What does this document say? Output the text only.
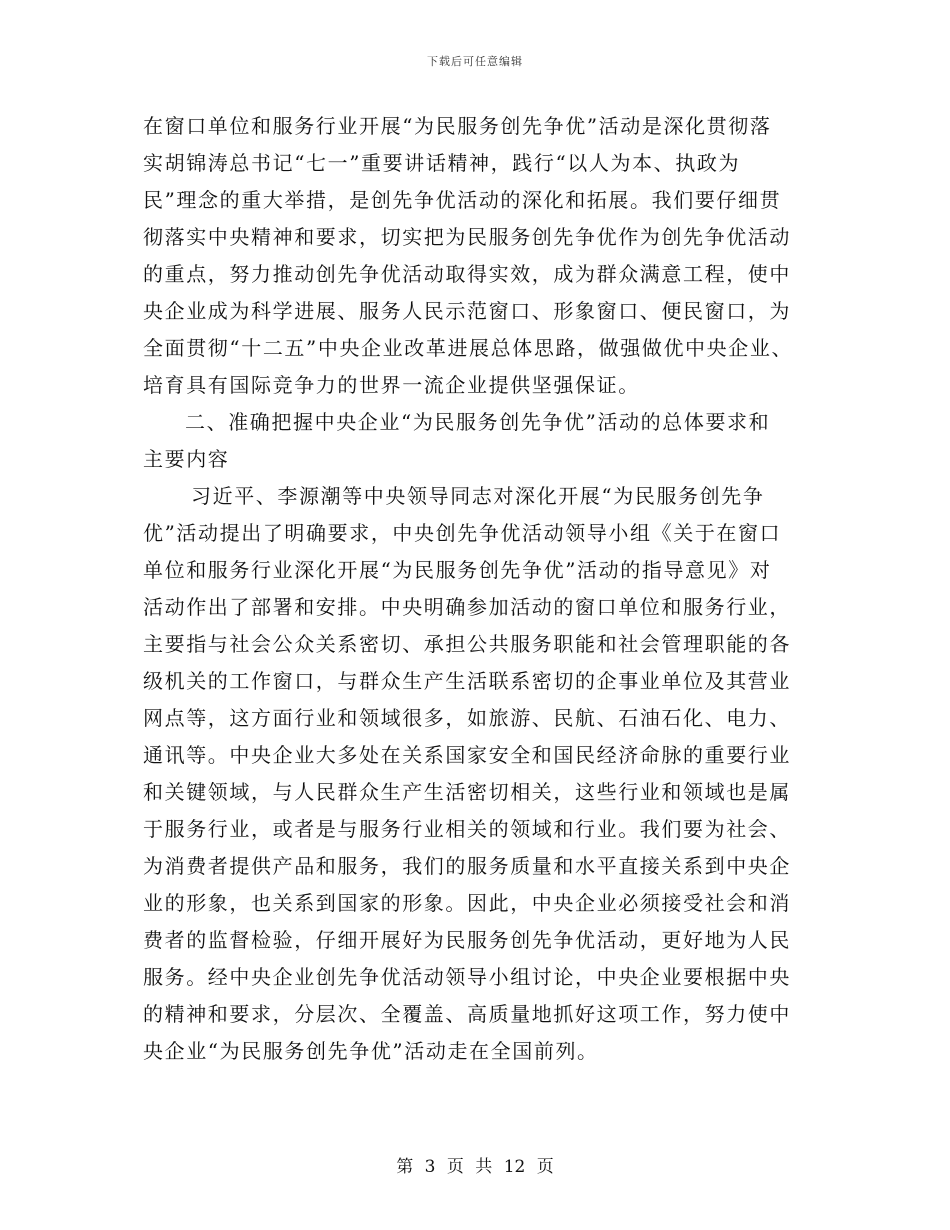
下载后可任意编辑
在窗口单位和服务行业开展“为民服务创先争优”活动是深化贯彻落
实胡锦涛总书记“七一”重要讲话精神，践行“以人为本、执政为
民”理念的重大举措，是创先争优活动的深化和拓展。我们要仔细贯
彻落实中央精神和要求，切实把为民服务创先争优作为创先争优活动
的重点，努力推动创先争优活动取得实效，成为群众满意工程，使中
央企业成为科学进展、服务人民示范窗口、形象窗口、便民窗口，为
全面贯彻“十二五”中央企业改革进展总体思路，做强做优中央企业、
培育具有国际竞争力的世界一流企业提供坚强保证。
二、准确把握中央企业“为民服务创先争优”活动的总体要求和
主要内容
习近平、李源潮等中央领导同志对深化开展“为民服务创先争
优”活动提出了明确要求，中央创先争优活动领导小组《关于在窗口
单位和服务行业深化开展“为民服务创先争优”活动的指导意见》对
活动作出了部署和安排。中央明确参加活动的窗口单位和服务行业，
主要指与社会公众关系密切、承担公共服务职能和社会管理职能的各
级机关的工作窗口，与群众生产生活联系密切的企事业单位及其营业
网点等，这方面行业和领域很多，如旅游、民航、石油石化、电力、
通讯等。中央企业大多处在关系国家安全和国民经济命脉的重要行业
和关键领域，与人民群众生产生活密切相关，这些行业和领域也是属
于服务行业，或者是与服务行业相关的领域和行业。我们要为社会、
为消费者提供产品和服务，我们的服务质量和水平直接关系到中央企
业的形象，也关系到国家的形象。因此，中央企业必须接受社会和消
费者的监督检验，仔细开展好为民服务创先争优活动，更好地为人民
服务。经中央企业创先争优活动领导小组讨论，中央企业要根据中央
的精神和要求，分层次、全覆盖、高质量地抓好这项工作，努力使中
央企业“为民服务创先争优”活动走在全国前列。
第 3 页 共 12 页
